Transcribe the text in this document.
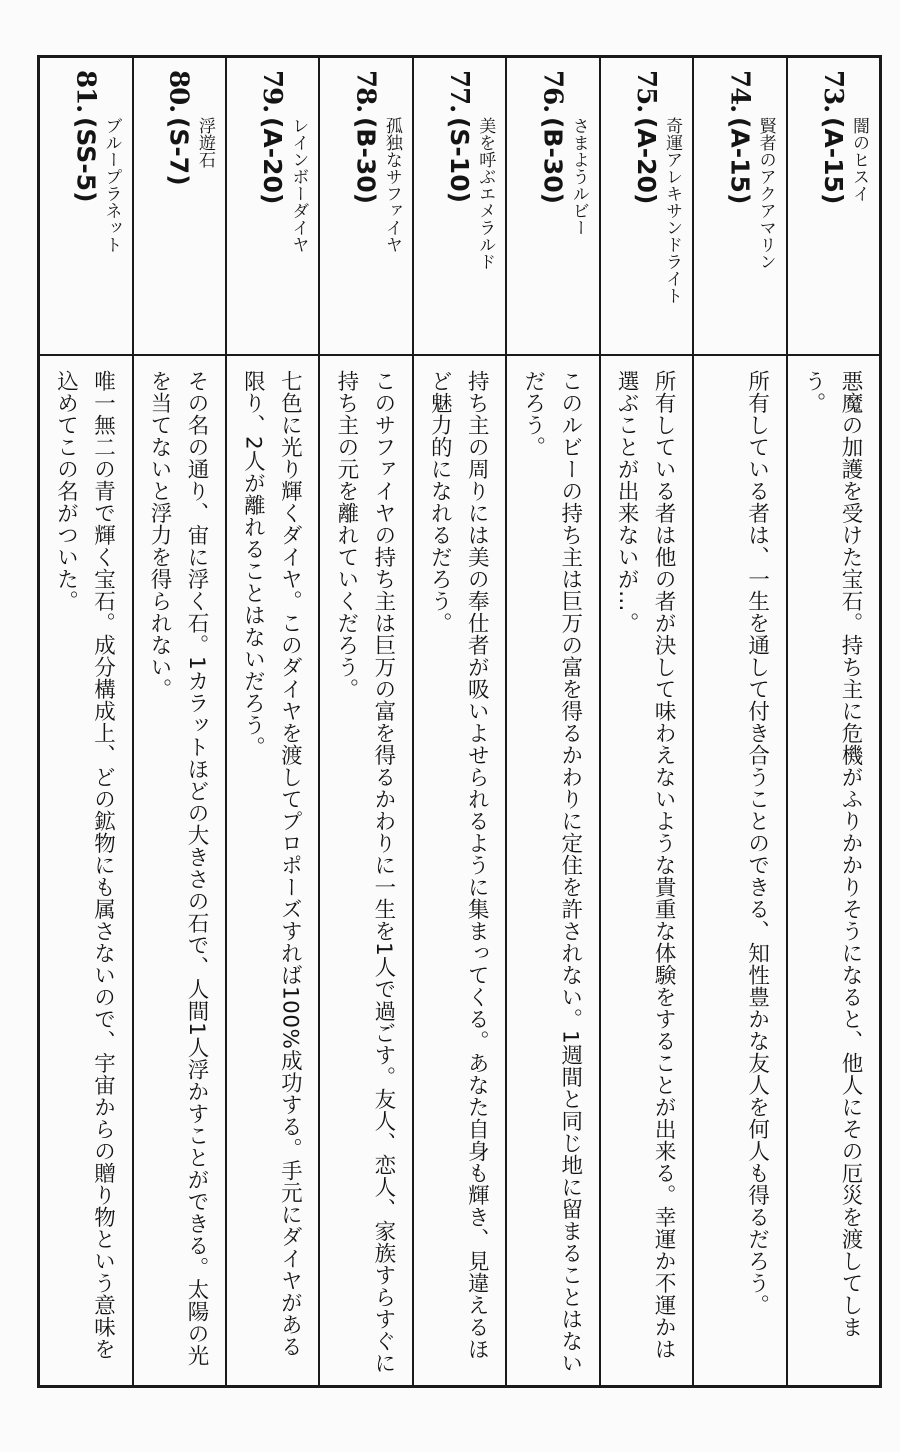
73. 闇のヒスイ
(A-15)
悪魔の加護を受けた宝石。持ち主に危機がふりかかりそうになると、他人にその厄災を渡してしまう。
74. 賢者のアクアマリン
(A-15)
所有している者は、一生を通して付き合うことのできる、知性豊かな友人を何人も得るだろう。
75. 奇運アレキサンドライト
(A-20)
所有している者は他の者が決して味わえないような貴重な体験をすることが出来る。幸運か不運かは選ぶことが出来ないが…。
76. さまようルビー
(B-30)
このルビーの持ち主は巨万の富を得るかわりに定住を許されない。1週間と同じ地に留まることはないだろう。
77. 美を呼ぶエメラルド
(S-10)
持ち主の周りには美の奉仕者が吸いよせられるように集まってくる。あなた自身も輝き、見違えるほど魅力的になれるだろう。
78. 孤独なサファイヤ
(B-30)
このサファイヤの持ち主は巨万の富を得るかわりに一生を1人で過ごす。友人、恋人、家族すらすぐに持ち主の元を離れていくだろう。
79. レインボーダイヤ
(A-20)
七色に光り輝くダイヤ。このダイヤを渡してプロポーズすれば100%成功する。手元にダイヤがある限り、2人が離れることはないだろう。
80. 浮遊石
(S-7)
その名の通り、宙に浮く石。1カラットほどの大きさの石で、人間1人浮かすことができる。太陽の光を当てないと浮力を得られない。
81. ブループラネット
(SS-5)
唯一無二の青で輝く宝石。成分構成上、どの鉱物にも属さないので、宇宙からの贈り物という意味を込めてこの名がついた。
